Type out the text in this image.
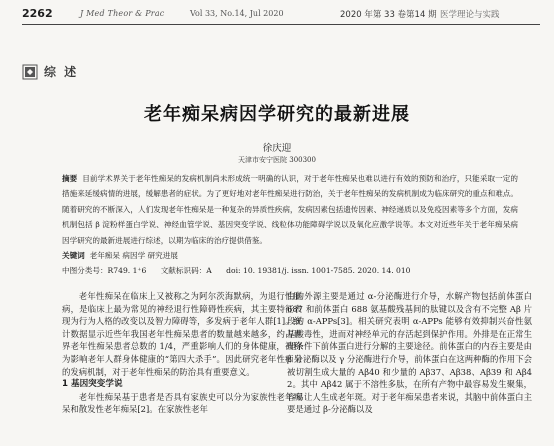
2262	J Med Theor & Prac	Vol 33, No.14, Jul 2020	2020 年第 33 卷第14 期 医学理论与实践
综 述
老年痴呆病因学研究的最新进展
徐庆迎
天津市安宁医院 300300
摘要 目前学术界关于老年性痴呆的发病机制尚未形成统一明确的认识，对于老年性痴呆也难以进行有效的预防和治疗，只能采取一定的措施来延缓病情的进展，缓解患者的症状。为了更好地对老年性痴呆进行防治，关于老年性痴呆的发病机制成为临床研究的重点和难点。随着研究的不断深入，人们发现老年性痴呆是一种复杂的异质性疾病，发病因素包括遗传因素、神经递质以及免疫因素等多个方面，发病机制包括 β 淀粉样蛋白学说、神经血管学说、基因突变学说、线粒体功能障碍学说以及氧化应激学说等。本文对近些年关于老年痴呆病因学研究的最新进展进行综述，以期为临床的治疗提供借鉴。
关键词 老年痴呆 病因学 研究进展
中图分类号：R749. 1⁺6 文献标识码：A doi: 10. 19381/j. issn. 1001-7585. 2020. 14. 010

老年性痴呆在临床上又被称之为阿尔茨海默病，为退行性脑病，是临床上最为常见的神经退行性障碍性疾病，其主要特征表现为行为人格的改变以及智力障碍等，多发病于老年人群[1]。统计数据显示近些年我国老年性痴呆患者的数量越来越多，约占世界老年性痴呆患者总数的 1/4，严重影响人们的身体健康，被称为影响老年人群身体健康的“第四大杀手”。因此研究老年性痴呆的发病机制，对于老年性痴呆的防治具有重要意义。

1 基因突变学说

老年性痴呆基于患者是否具有家族史可以分为家族性老年痴呆和散发性老年痴呆[2]。在家族性老年

白的外源主要是通过 α-分泌酶进行介导，水解产物包括前体蛋白 687 和前体蛋白 688 氨基酸残基间的肽键以及含有不完整 Aβ 片段的 α-APPs[3]。相关研究表明 α-APPs 能够有效抑制兴奋性氨基酸毒性，进而对神经单元的存活起到保护作用。外排是在正常生理条件下前体蛋白进行分解的主要途径。前体蛋白的内吞主要是由 β 分泌酶以及 γ 分泌酶进行介导，前体蛋白在这两种酶的作用下会被切割生成大量的 Aβ40 和少量的 Aβ37、Aβ38、Aβ39 和 Aβ42。其中 Aβ42 属于不溶性多肽，在所有产物中最容易发生聚集，容易让人生成老年斑。对于老年痴呆患者来说，其脑中前体蛋白主要是通过 β-分泌酶以及
